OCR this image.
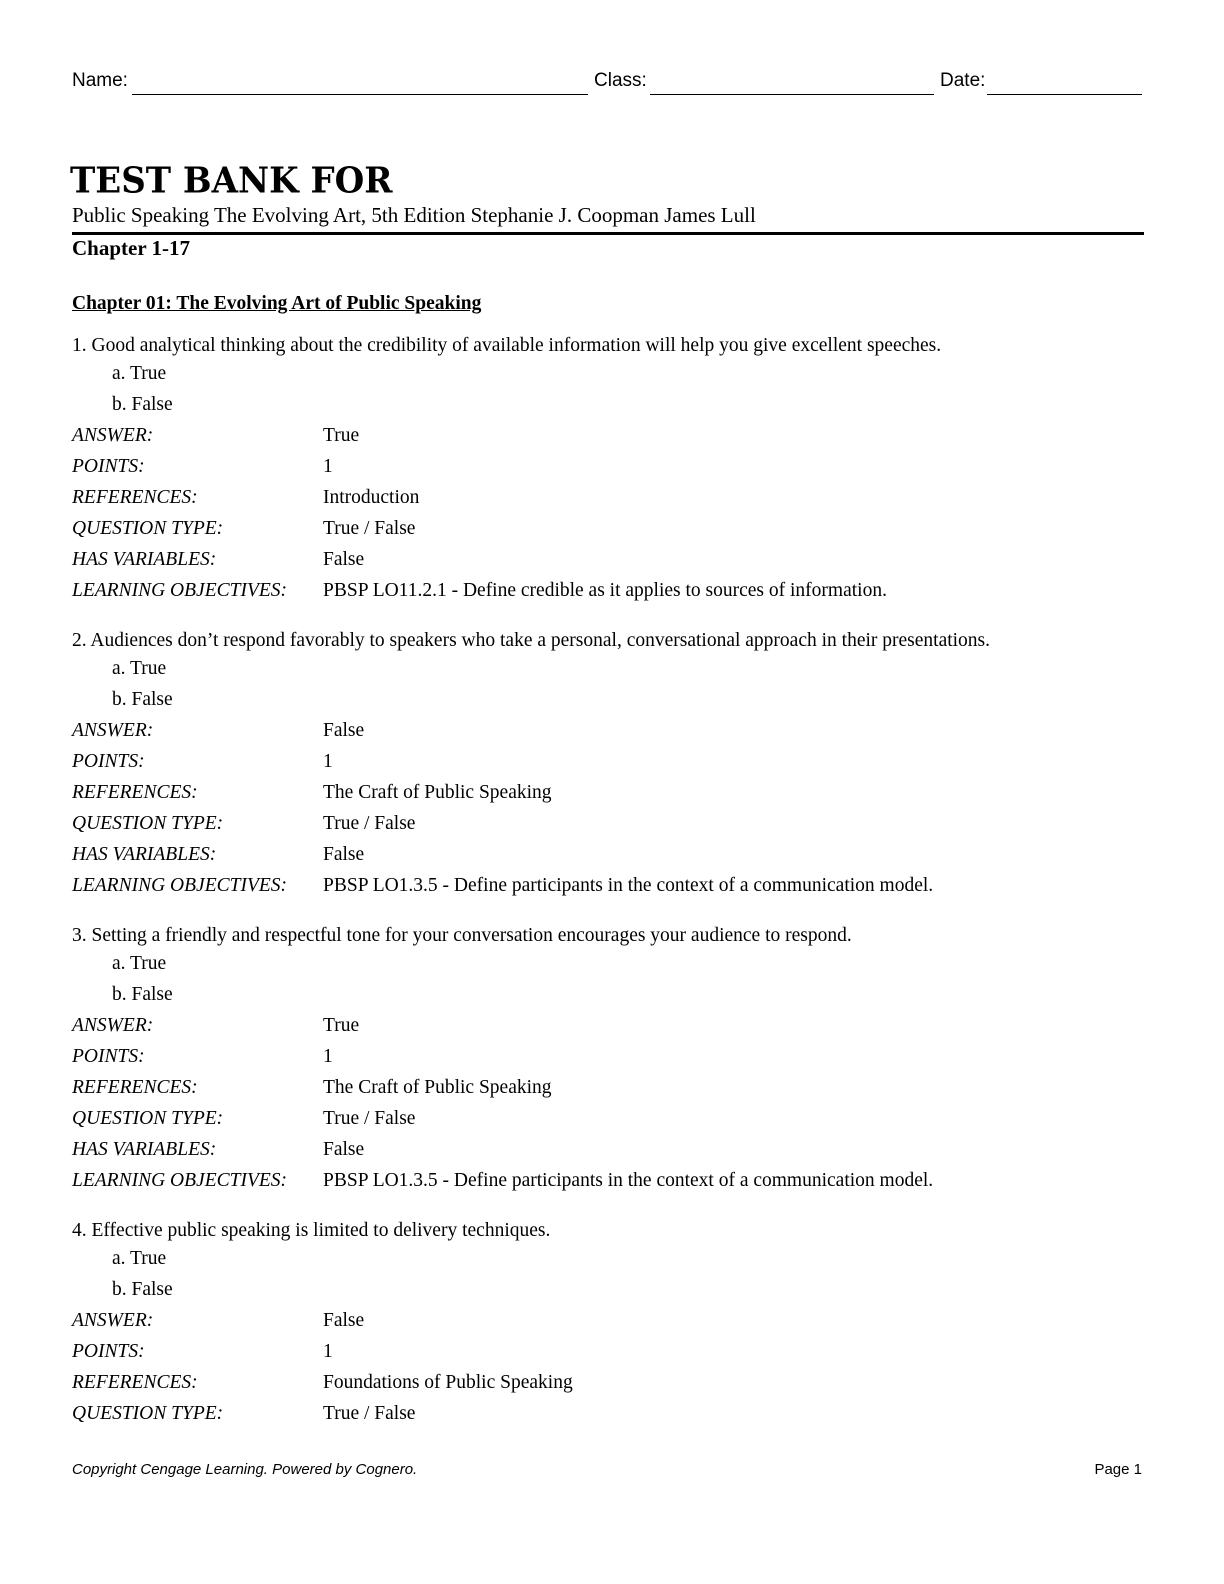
Name:	Class:	Date:
TEST BANK FOR
Public Speaking The Evolving Art, 5th Edition Stephanie J. Coopman James Lull
Chapter 1-17
Chapter 01: The Evolving Art of Public Speaking
1. Good analytical thinking about the credibility of available information will help you give excellent speeches.
a. True
b. False
ANSWER:	True
POINTS:	1
REFERENCES:	Introduction
QUESTION TYPE:	True / False
HAS VARIABLES:	False
LEARNING OBJECTIVES:	PBSP LO11.2.1 - Define credible as it applies to sources of information.
2. Audiences don’t respond favorably to speakers who take a personal, conversational approach in their presentations.
a. True
b. False
ANSWER:	False
POINTS:	1
REFERENCES:	The Craft of Public Speaking
QUESTION TYPE:	True / False
HAS VARIABLES:	False
LEARNING OBJECTIVES:	PBSP LO1.3.5 - Define participants in the context of a communication model.
3. Setting a friendly and respectful tone for your conversation encourages your audience to respond.
a. True
b. False
ANSWER:	True
POINTS:	1
REFERENCES:	The Craft of Public Speaking
QUESTION TYPE:	True / False
HAS VARIABLES:	False
LEARNING OBJECTIVES:	PBSP LO1.3.5 - Define participants in the context of a communication model.
4. Effective public speaking is limited to delivery techniques.
a. True
b. False
ANSWER:	False
POINTS:	1
REFERENCES:	Foundations of Public Speaking
QUESTION TYPE:	True / False
Copyright Cengage Learning. Powered by Cognero.	Page 1
